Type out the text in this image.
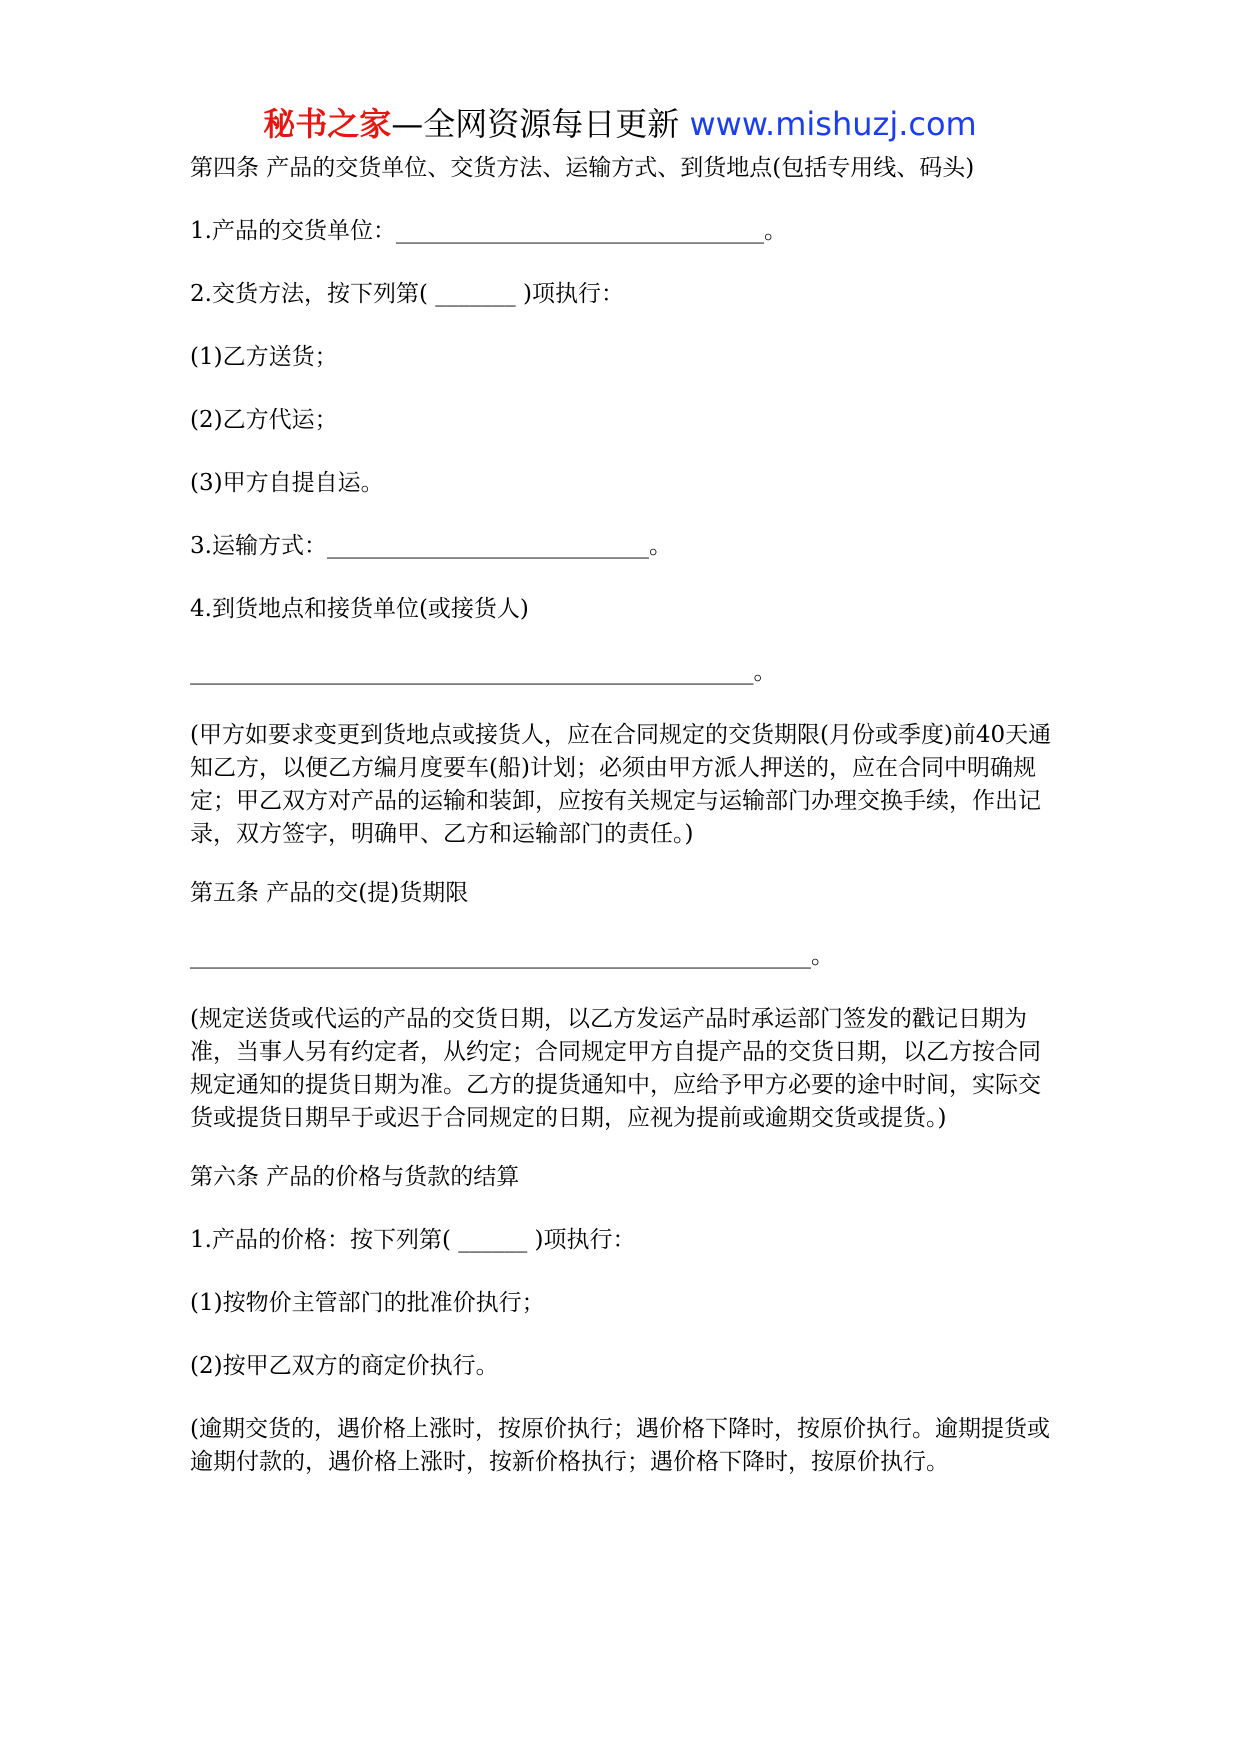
秘书之家—全网资源每日更新 www.mishuzj.com

第四条 产品的交货单位、交货方法、运输方式、到货地点(包括专用线、码头)

1.产品的交货单位：________________________________。

2.交货方法，按下列第( _______ )项执行：

(1)乙方送货；

(2)乙方代运；

(3)甲方自提自运。

3.运输方式：____________________________。

4.到货地点和接货单位(或接货人)

_________________________________________________。

(甲方如要求变更到货地点或接货人，应在合同规定的交货期限(月份或季度)前40天通知乙方，以便乙方编月度要车(船)计划；必须由甲方派人押送的，应在合同中明确规定；甲乙双方对产品的运输和装卸，应按有关规定与运输部门办理交换手续，作出记录，双方签字，明确甲、乙方和运输部门的责任。)

第五条 产品的交(提)货期限

______________________________________________________。

(规定送货或代运的产品的交货日期，以乙方发运产品时承运部门签发的戳记日期为准，当事人另有约定者，从约定；合同规定甲方自提产品的交货日期，以乙方按合同规定通知的提货日期为准。乙方的提货通知中，应给予甲方必要的途中时间，实际交货或提货日期早于或迟于合同规定的日期，应视为提前或逾期交货或提货。)

第六条 产品的价格与货款的结算

1.产品的价格：按下列第( ______ )项执行：

(1)按物价主管部门的批准价执行；

(2)按甲乙双方的商定价执行。

(逾期交货的，遇价格上涨时，按原价执行；遇价格下降时，按原价执行。逾期提货或逾期付款的，遇价格上涨时，按新价格执行；遇价格下降时，按原价执行。
